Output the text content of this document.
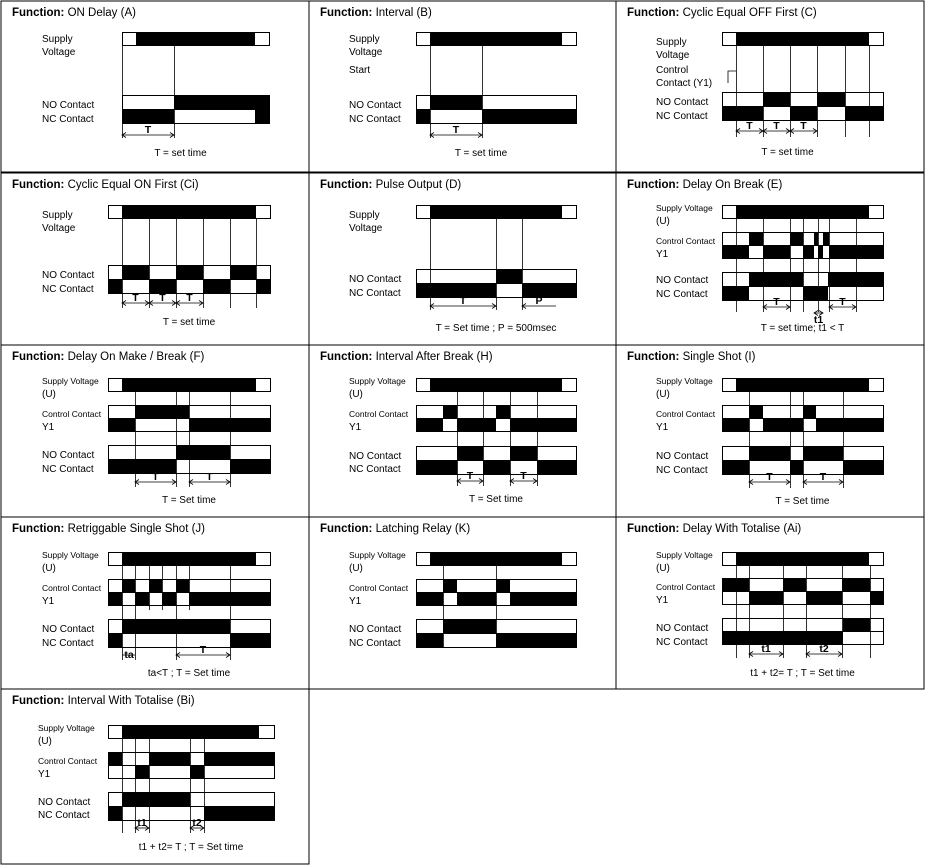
Function: ON Delay (A)
Supply
Voltage
NO Contact
NC Contact
T
T = set time
Function: Interval (B)
Supply
Voltage
Start
NO Contact
NC Contact
T
T = set time
Function: Cyclic Equal OFF First (C)
Supply
Voltage
Control
Contact (Y1)
NO Contact
NC Contact
T T T
T = set time
Function: Cyclic Equal ON First (Ci)
Supply
Voltage
NO Contact
NC Contact
T T T
T = set time
Function: Pulse Output (D)
Supply
Voltage
NO Contact
NC Contact
T	P
T = Set time ; P = 500msec
Function: Delay On Break (E)
Supply Voltage
(U)
Control Contact
Y1
NO Contact
NC Contact
T
t1
T
T = set time; t1 < T
Function: Delay On Make / Break (F)
Supply Voltage
(U)
Control Contact
Y1
NO Contact
NC Contact
T	T
T = Set time
Function: Interval After Break (H)
Supply Voltage
(U)
Control Contact
Y1
NO Contact
NC Contact
T	T
T = Set time
Function: Single Shot (I)
Supply Voltage
(U)
Control Contact
Y1
NO Contact
NC Contact
T	T
T = Set time
Function: Retriggable Single Shot (J)
Supply Voltage
(U)
Control Contact
Y1
NO Contact
NC Contact
ta	T
ta<T ; T = Set time
Function: Latching Relay (K)
Supply Voltage
(U)
Control Contact
Y1
NO Contact
NC Contact
Function: Delay With Totalise (Ai)
Supply Voltage
(U)
Control Contact
Y1
NO Contact
NC Contact
t1	t2
t1 + t2= T ; T = Set time
Function: Interval With Totalise (Bi)
Supply Voltage
(U)
Control Contact
Y1
NO Contact
NC Contact
t1	t2
t1 + t2= T ; T = Set time
